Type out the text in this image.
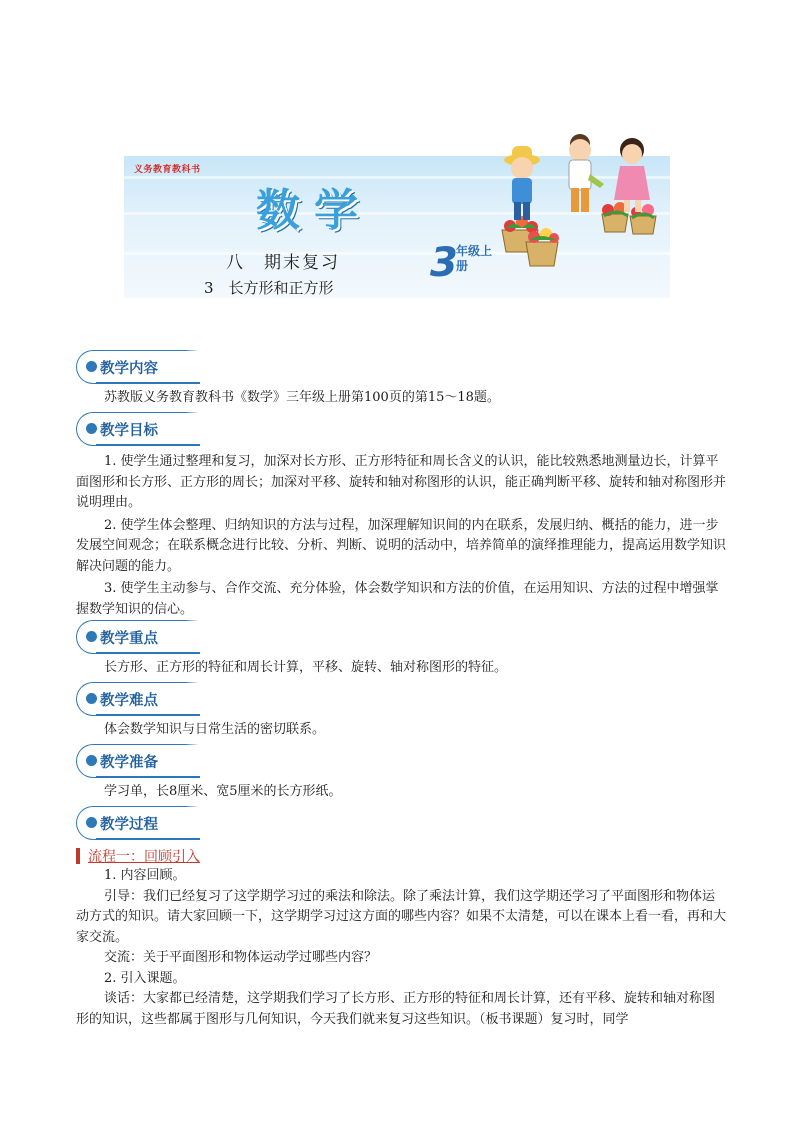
义务教育教科书
数学
八　期末复习
3　长方形和正方形
3
年级上册
教学内容
苏教版义务教育教科书《数学》三年级上册第100页的第15～18题。
教学目标
1. 使学生通过整理和复习，加深对长方形、正方形特征和周长含义的认识，能比较熟悉地测量边长，计算平面图形和长方形、正方形的周长；加深对平移、旋转和轴对称图形的认识，能正确判断平移、旋转和轴对称图形并说明理由。
2. 使学生体会整理、归纳知识的方法与过程，加深理解知识间的内在联系，发展归纳、概括的能力，进一步发展空间观念；在联系概念进行比较、分析、判断、说明的活动中，培养简单的演绎推理能力，提高运用数学知识解决问题的能力。
3. 使学生主动参与、合作交流、充分体验，体会数学知识和方法的价值，在运用知识、方法的过程中增强掌握数学知识的信心。
教学重点
长方形、正方形的特征和周长计算，平移、旋转、轴对称图形的特征。
教学难点
体会数学知识与日常生活的密切联系。
教学准备
学习单，长8厘米、宽5厘米的长方形纸。
教学过程
流程一：回顾引入
1. 内容回顾。
引导：我们已经复习了这学期学习过的乘法和除法。除了乘法计算，我们这学期还学习了平面图形和物体运动方式的知识。请大家回顾一下，这学期学习过这方面的哪些内容？如果不太清楚，可以在课本上看一看，再和大家交流。
交流：关于平面图形和物体运动学过哪些内容？
2. 引入课题。
谈话：大家都已经清楚，这学期我们学习了长方形、正方形的特征和周长计算，还有平移、旋转和轴对称图形的知识，这些都属于图形与几何知识，今天我们就来复习这些知识。（板书课题）复习时，同学
